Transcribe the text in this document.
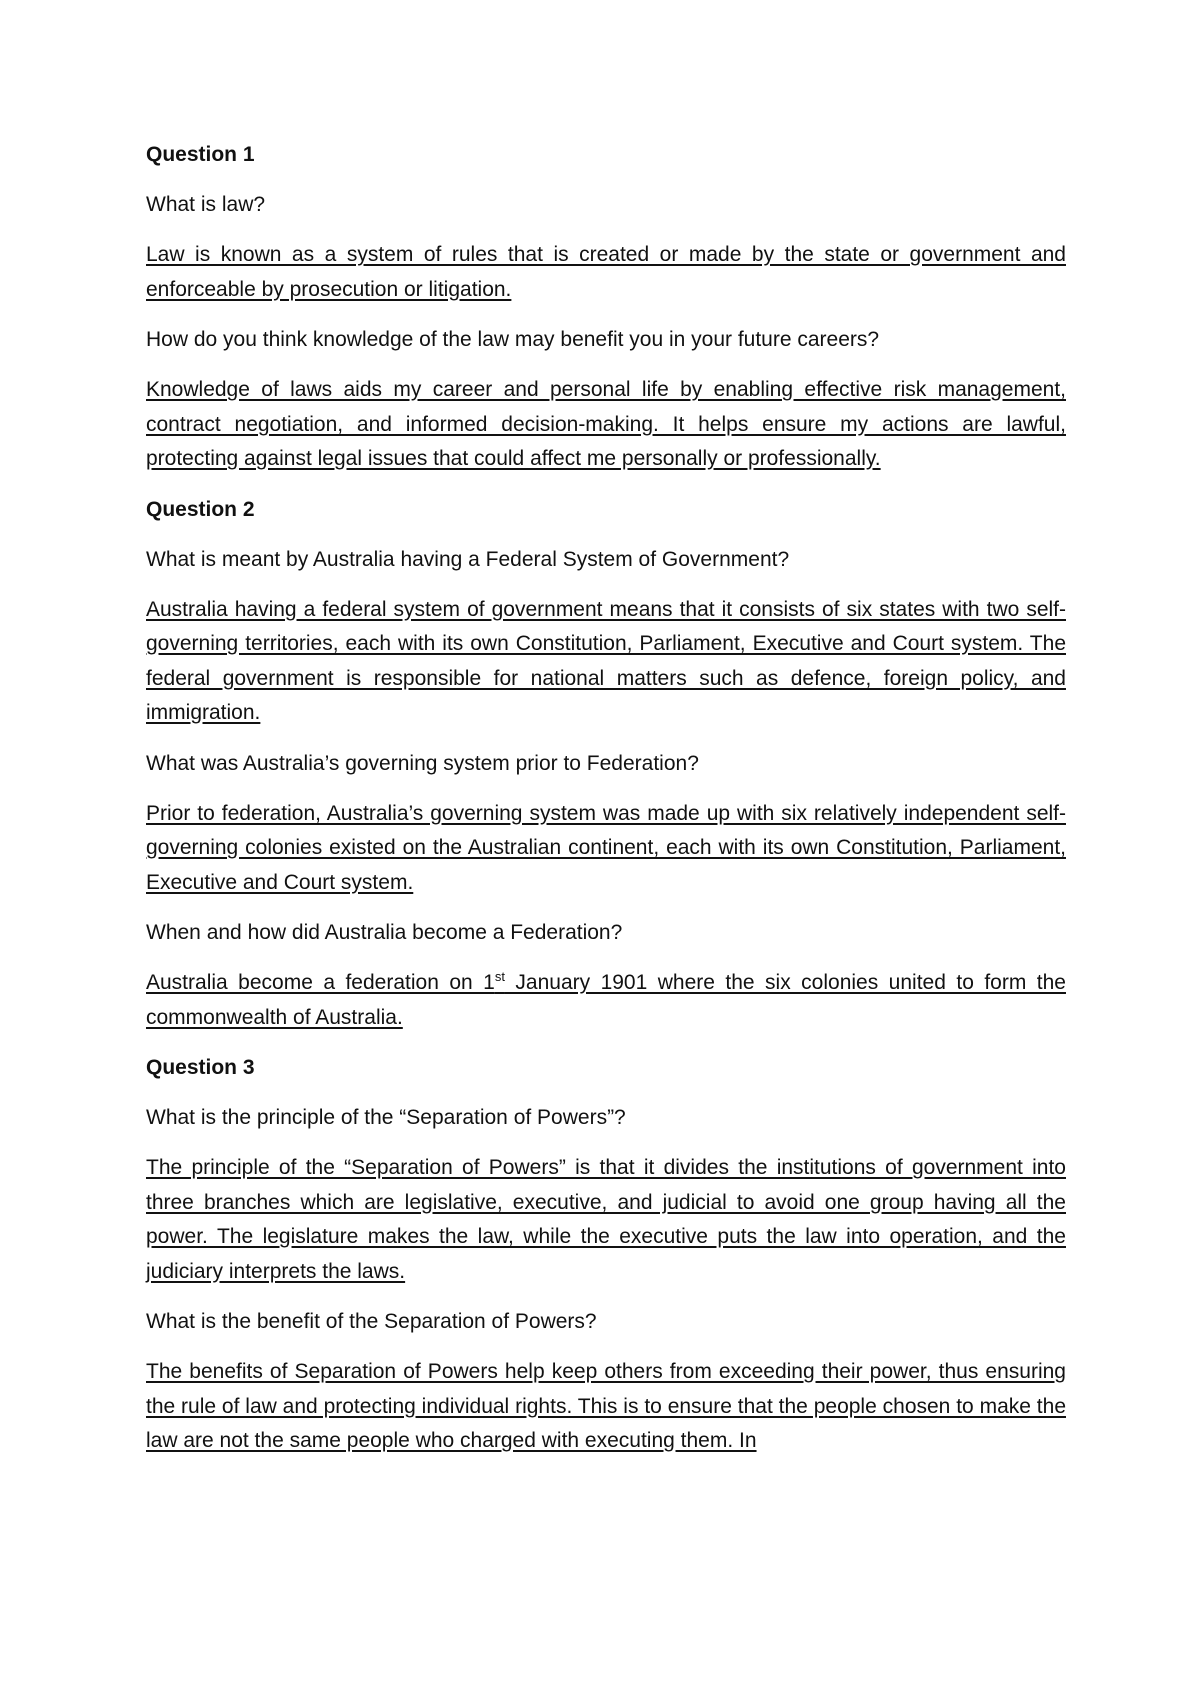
Question 1
What is law?
Law is known as a system of rules that is created or made by the state or government and enforceable by prosecution or litigation.
How do you think knowledge of the law may benefit you in your future careers?
Knowledge of laws aids my career and personal life by enabling effective risk management, contract negotiation, and informed decision-making. It helps ensure my actions are lawful, protecting against legal issues that could affect me personally or professionally.
Question 2
What is meant by Australia having a Federal System of Government?
Australia having a federal system of government means that it consists of six states with two self-governing territories, each with its own Constitution, Parliament, Executive and Court system. The federal government is responsible for national matters such as defence, foreign policy, and immigration.
What was Australia’s governing system prior to Federation?
Prior to federation, Australia’s governing system was made up with six relatively independent self-governing colonies existed on the Australian continent, each with its own Constitution, Parliament, Executive and Court system.
When and how did Australia become a Federation?
Australia become a federation on 1st January 1901 where the six colonies united to form the commonwealth of Australia.
Question 3
What is the principle of the “Separation of Powers”?
The principle of the “Separation of Powers” is that it divides the institutions of government into three branches which are legislative, executive, and judicial to avoid one group having all the power. The legislature makes the law, while the executive puts the law into operation, and the judiciary interprets the laws.
What is the benefit of the Separation of Powers?
The benefits of Separation of Powers help keep others from exceeding their power, thus ensuring the rule of law and protecting individual rights. This is to ensure that the people chosen to make the law are not the same people who charged with executing them. In
